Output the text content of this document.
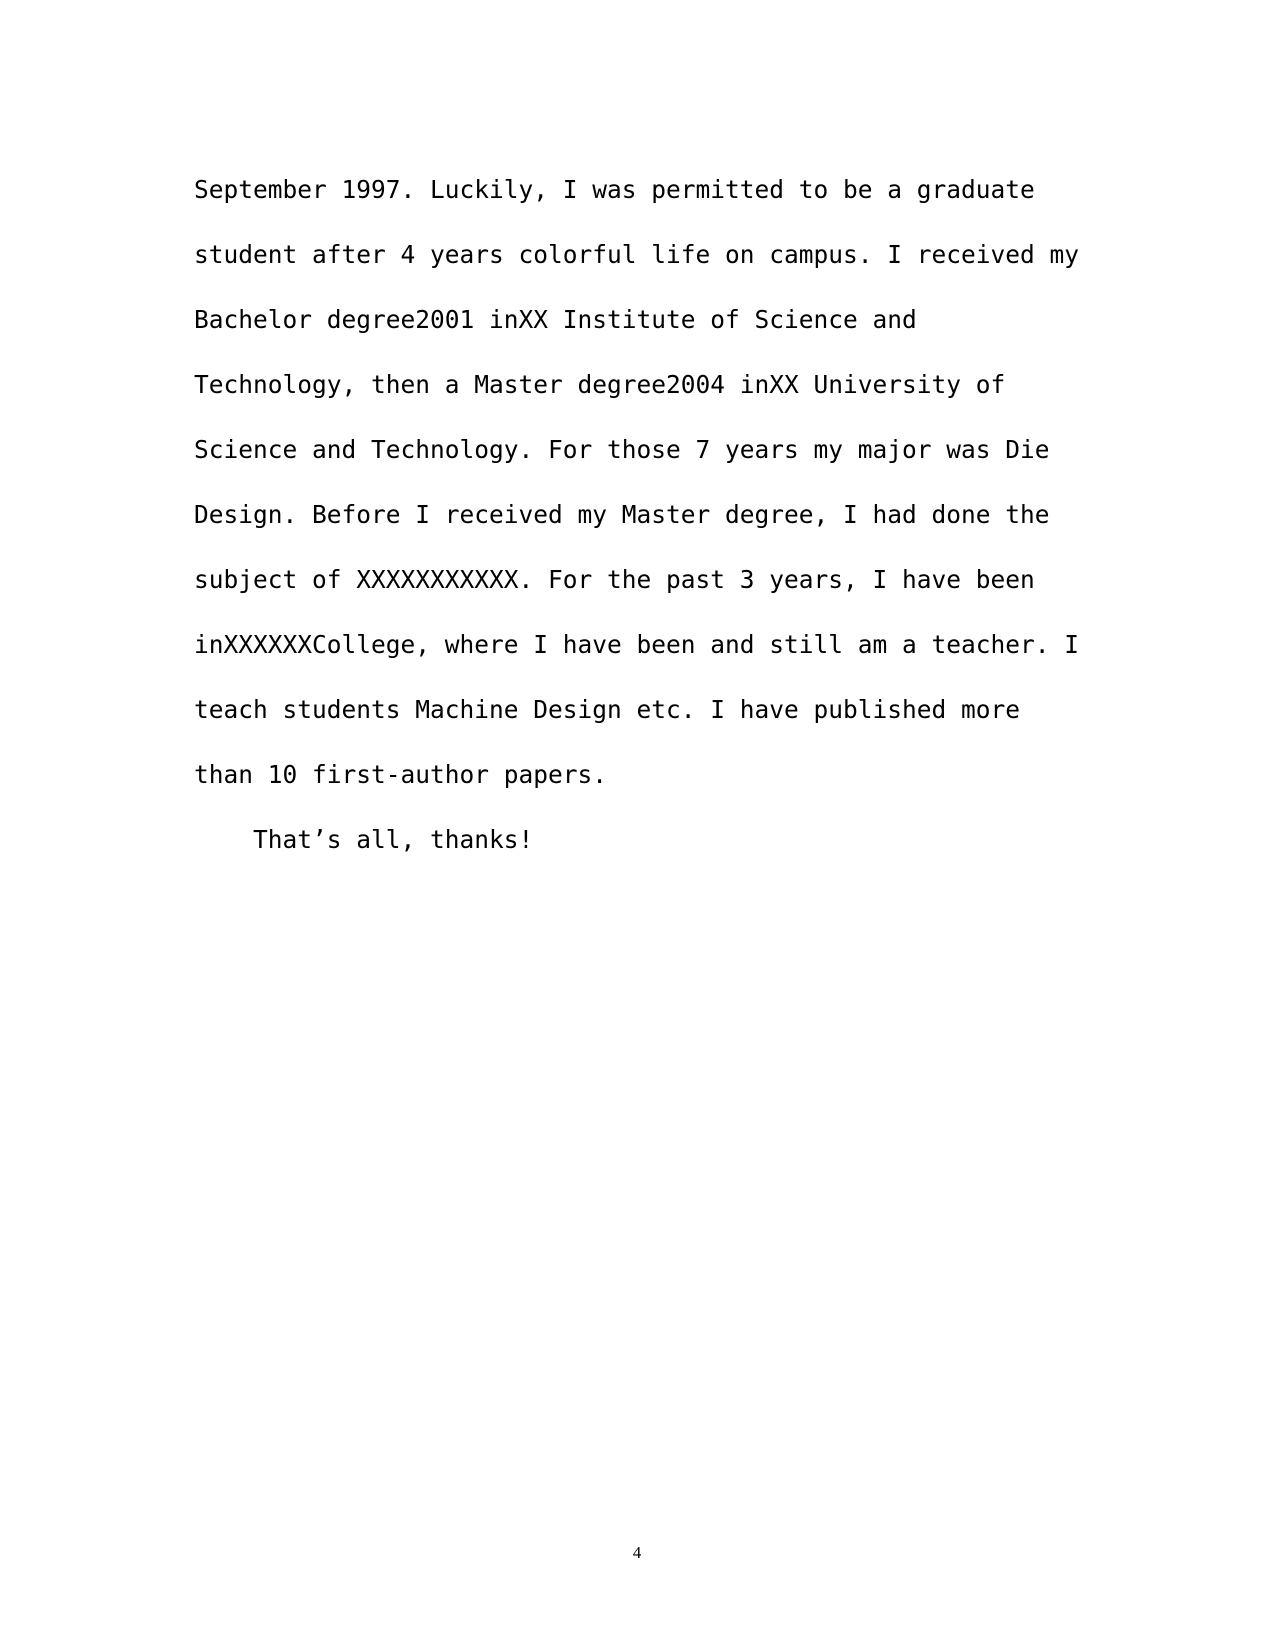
September 1997. Luckily, I was permitted to be a graduate
student after 4 years colorful life on campus. I received my
Bachelor degree2001 inXX Institute of Science and
Technology, then a Master degree2004 inXX University of
Science and Technology. For those 7 years my major was Die
Design. Before I received my Master degree, I had done the
subject of XXXXXXXXXXX. For the past 3 years, I have been
inXXXXXXCollege, where I have been and still am a teacher. I
teach students Machine Design etc. I have published more
than 10 first-author papers.
That’s all, thanks!

4
